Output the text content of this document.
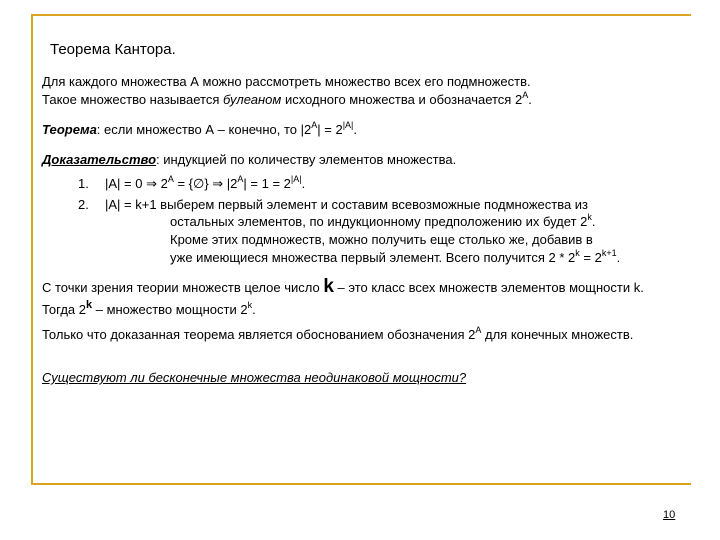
Теорема Кантора.
Для каждого множества А можно рассмотреть множество всех его подмножеств.
Такое множество называется булеаном исходного множества и обозначается $2^A$.
Теорема: если множество А – конечно, то $|2^A| = 2^{|A|}$.
Доказательство: индукцией по количеству элементов множества.
1. |A| = 0 ⇒ $2^A$ = {∅} ⇒ $|2^A| = 1 = 2^{|A|}$.
2. |A| = k+1 выберем первый элемент и составим всевозможные подмножества из
остальных элементов, по индукционному предположению их будет 2$^k$.
Кроме этих подмножеств, можно получить еще столько же, добавив в
уже имеющиеся множества первый элемент. Всего получится $2 * 2^k = 2^{k+1}$.
С точки зрения теории множеств целое число k – это класс всех множеств элементов мощности k.
Тогда 2$^k$ – множество мощности 2$^k$.
Только что доказанная теорема является обоснованием обозначения $2^A$ для конечных множеств.
Существуют ли бесконечные множества неодинаковой мощности?
10
